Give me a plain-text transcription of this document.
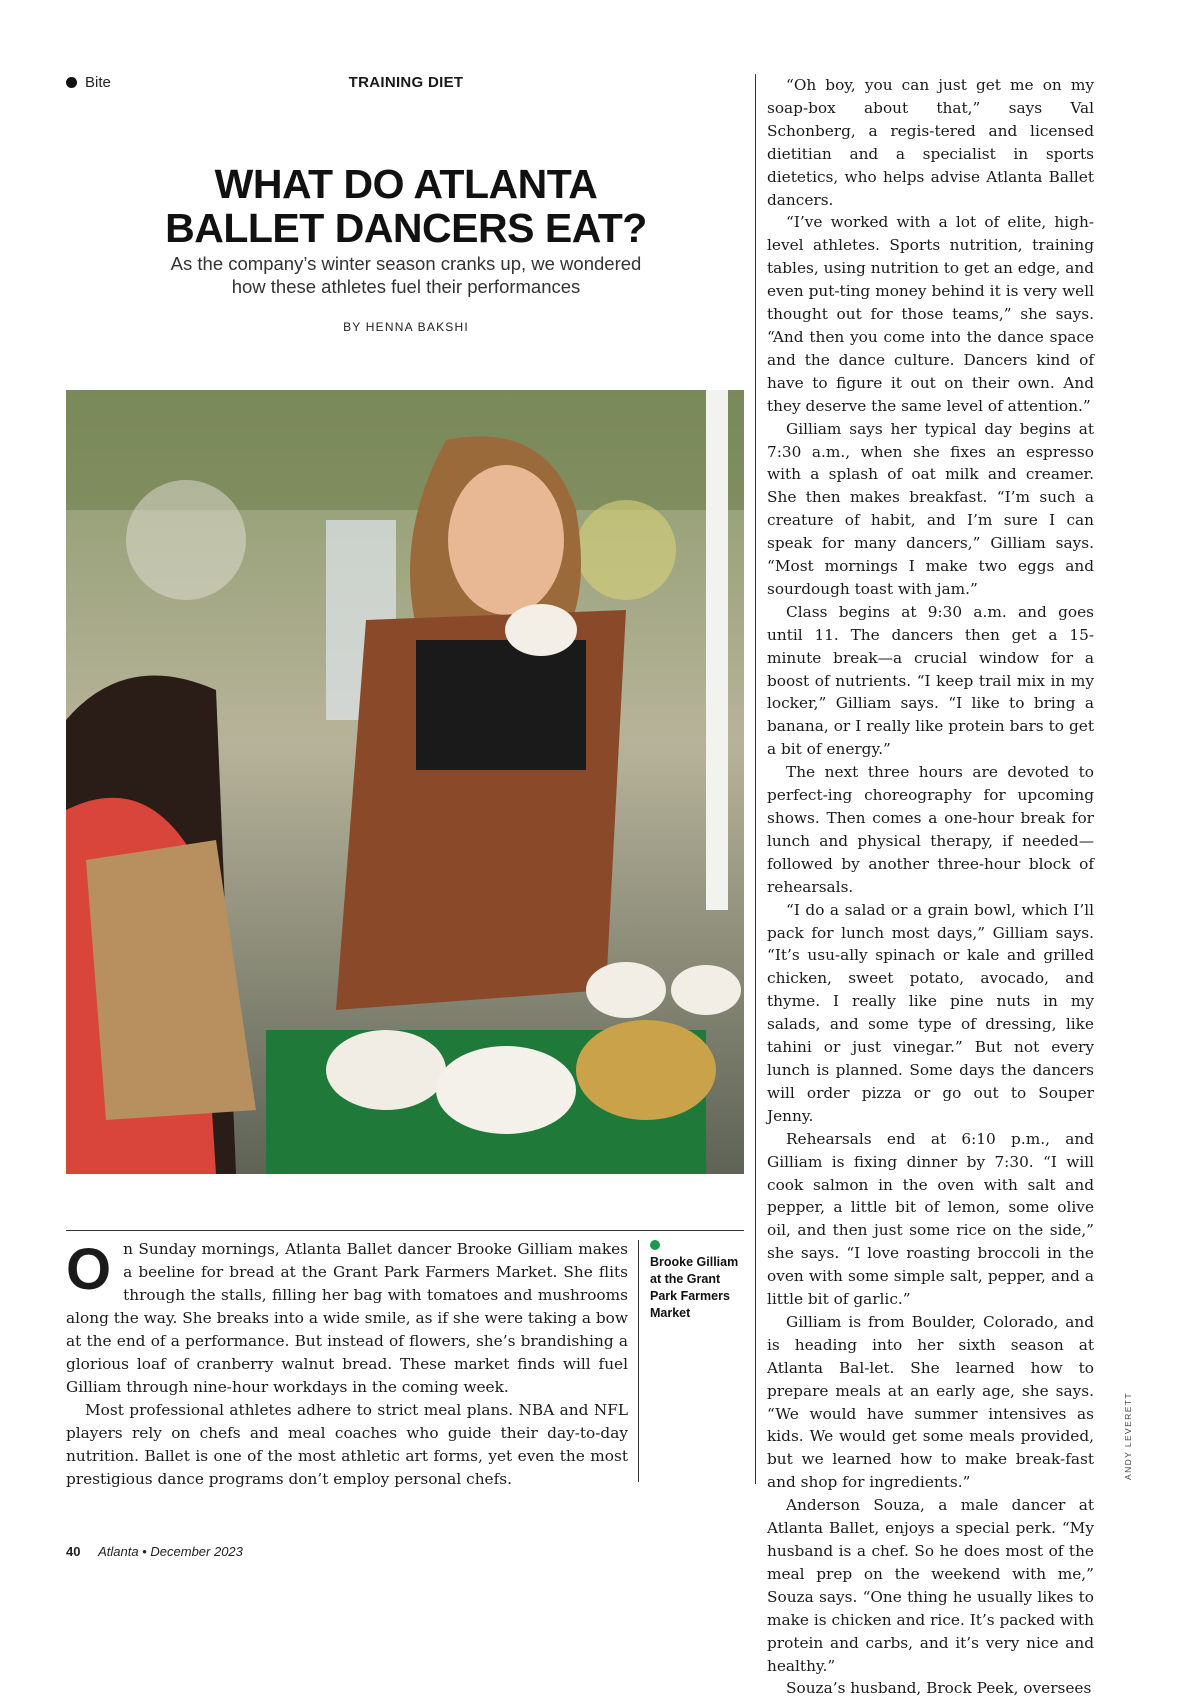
Bite	TRAINING DIET
WHAT DO ATLANTA
BALLET DANCERS EAT?

As the company’s winter season cranks up, we wondered
how these athletes fuel their performances

BY HENNA BAKSHI

On Sunday mornings, Atlanta Ballet dancer Brooke Gilliam makes a beeline for bread at the Grant Park Farmers Market. She flits through the stalls, filling her bag with tomatoes and mushrooms along the way. She breaks into a wide smile, as if she were taking a bow at the end of a performance. But instead of flowers, she’s brandishing a glorious loaf of cranberry walnut bread. These market finds will fuel Gilliam through nine-hour workdays in the coming week.

Most professional athletes adhere to strict meal plans. NBA and NFL players rely on chefs and meal coaches who guide their day-to-day nutrition. Ballet is one of the most athletic art forms, yet even the most prestigious dance programs don’t employ personal chefs.

Brooke Gilliam at the Grant Park Farmers Market

“Oh boy, you can just get me on my soap-box about that,” says Val Schonberg, a regis-tered and licensed dietitian and a specialist in sports dietetics, who helps advise Atlanta Ballet dancers.

“I’ve worked with a lot of elite, high-level athletes. Sports nutrition, training tables, using nutrition to get an edge, and even put-ting money behind it is very well thought out for those teams,” she says. “And then you come into the dance space and the dance culture. Dancers kind of have to figure it out on their own. And they deserve the same level of attention.”

Gilliam says her typical day begins at 7:30 a.m., when she fixes an espresso with a splash of oat milk and creamer. She then makes breakfast. “I’m such a creature of habit, and I’m sure I can speak for many dancers,” Gilliam says. “Most mornings I make two eggs and sourdough toast with jam.”

Class begins at 9:30 a.m. and goes until 11. The dancers then get a 15-minute break—a crucial window for a boost of nutrients. “I keep trail mix in my locker,” Gilliam says. “I like to bring a banana, or I really like protein bars to get a bit of energy.”

The next three hours are devoted to perfect-ing choreography for upcoming shows. Then comes a one-hour break for lunch and physical therapy, if needed—followed by another three-hour block of rehearsals.

“I do a salad or a grain bowl, which I’ll pack for lunch most days,” Gilliam says. “It’s usu-ally spinach or kale and grilled chicken, sweet potato, avocado, and thyme. I really like pine nuts in my salads, and some type of dressing, like tahini or just vinegar.” But not every lunch is planned. Some days the dancers will order pizza or go out to Souper Jenny.

Rehearsals end at 6:10 p.m., and Gilliam is fixing dinner by 7:30. “I will cook salmon in the oven with salt and pepper, a little bit of lemon, some olive oil, and then just some rice on the side,” she says. “I love roasting broccoli in the oven with some simple salt, pepper, and a little bit of garlic.”

Gilliam is from Boulder, Colorado, and is heading into her sixth season at Atlanta Bal-let. She learned how to prepare meals at an early age, she says. “We would have summer intensives as kids. We would get some meals provided, but we learned how to make break-fast and shop for ingredients.”

Anderson Souza, a male dancer at Atlanta Ballet, enjoys a special perk. “My husband is a chef. So he does most of the meal prep on the weekend with me,” Souza says. “One thing he usually likes to make is chicken and rice. It’s packed with protein and carbs, and it’s very nice and healthy.”

Souza’s husband, Brock Peek, oversees

ANDY LEVERETT
40 Atlanta • December 2023
